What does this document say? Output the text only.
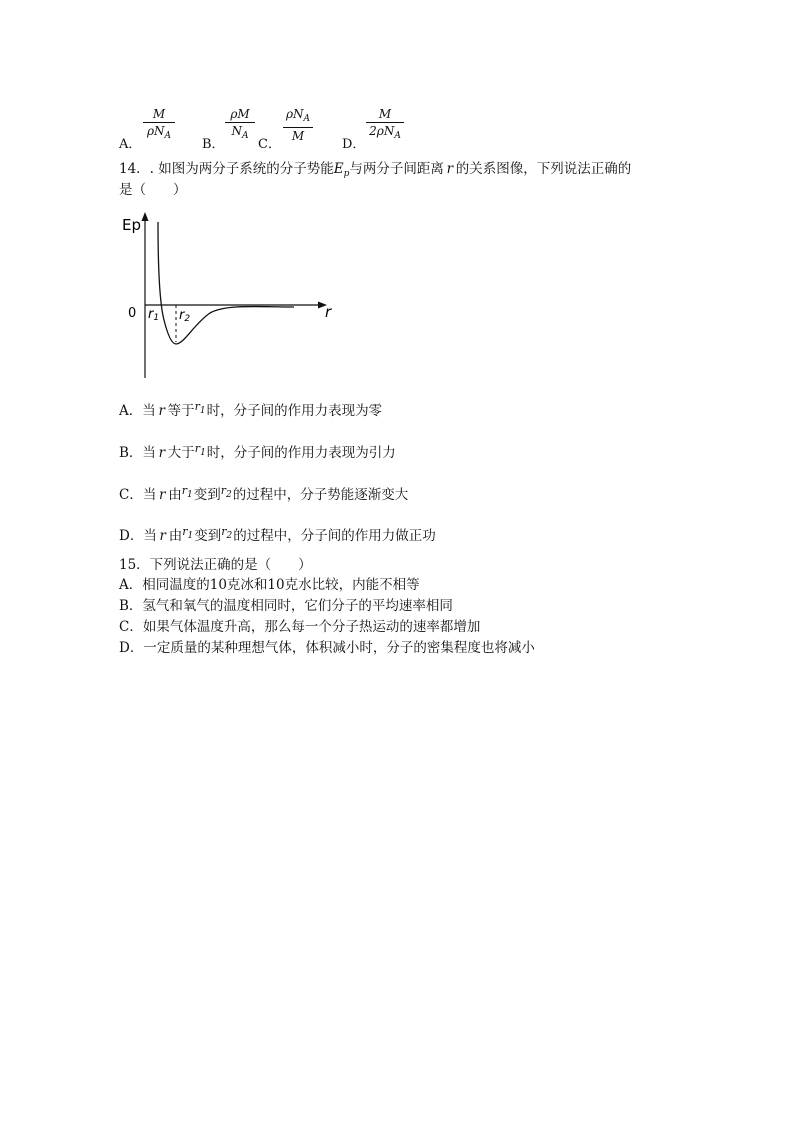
A．
M
$\rho N_A$
B．
ρM
$N_A$
C．
$\rho N_A$
M
D．
M
$2\rho N_A$
14．. 如图为两分子系统的分子势能$E_p$与两分子间距离  r  的关系图像，下列说法正确的
是（　　）
Ep
r
0 r1 r2
A．当  r  等于$r_1$时，分子间的作用力表现为零
B．当  r  大于$r_1$时，分子间的作用力表现为引力
C．当  r  由$r_1$变到$r_2$的过程中，分子势能逐渐变大
D．当  r  由$r_1$变到$r_2$的过程中，分子间的作用力做正功
15．下列说法正确的是（　　）
A．相同温度的10克冰和10克水比较，内能不相等
B．氢气和氧气的温度相同时，它们分子的平均速率相同
C．如果气体温度升高，那么每一个分子热运动的速率都增加
D．一定质量的某种理想气体，体积减小时，分子的密集程度也将减小
